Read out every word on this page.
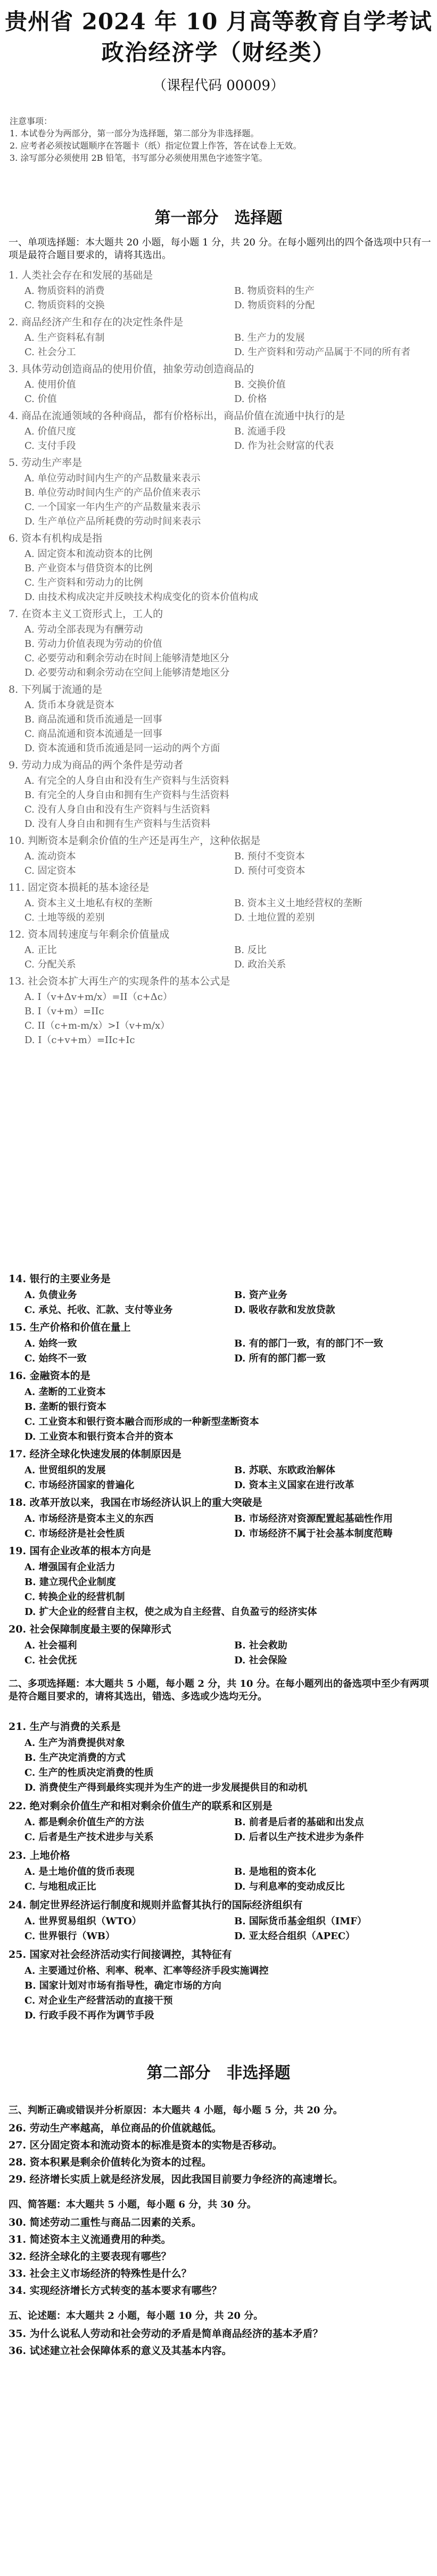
贵州省 2024 年 10 月高等教育自学考试
政治经济学（财经类）
（课程代码 00009）
注意事项：
1. 本试卷分为两部分，第一部分为选择题，第二部分为非选择题。
2. 应考者必须按试题顺序在答题卡（纸）指定位置上作答，答在试卷上无效。
3. 涂写部分必须使用 2B 铅笔，书写部分必须使用黑色字迹签字笔。
第一部分　选择题
一、单项选择题：本大题共 20 小题，每小题 1 分，共 20 分。在每小题列出的四个备选项中只有一项是最符合题目要求的，请将其选出。
1. 人类社会存在和发展的基础是
A. 物质资料的消费	B. 物质资料的生产
C. 物质资料的交换	D. 物质资料的分配
2. 商品经济产生和存在的决定性条件是
A. 生产资料私有制	B. 生产力的发展
C. 社会分工	D. 生产资料和劳动产品属于不同的所有者
3. 具体劳动创造商品的使用价值，抽象劳动创造商品的
A. 使用价值	B. 交换价值
C. 价值	D. 价格
4. 商品在流通领域的各种商品，都有价格标出，商品价值在流通中执行的是
A. 价值尺度	B. 流通手段
C. 支付手段	D. 作为社会财富的代表
5. 劳动生产率是
A. 单位劳动时间内生产的产品数量来表示
B. 单位劳动时间内生产的产品价值来表示
C. 一个国家一年内生产的产品数量来表示
D. 生产单位产品所耗费的劳动时间来表示
6. 资本有机构成是指
A. 固定资本和流动资本的比例
B. 产业资本与借贷资本的比例
C. 生产资料和劳动力的比例
D. 由技术构成决定并反映技术构成变化的资本价值构成
7. 在资本主义工资形式上，工人的
A. 劳动全部表现为有酬劳动
B. 劳动力价值表现为劳动的价值
C. 必要劳动和剩余劳动在时间上能够清楚地区分
D. 必要劳动和剩余劳动在空间上能够清楚地区分
8. 下列属于流通的是
A. 货币本身就是资本
B. 商品流通和货币流通是一回事
C. 商品流通和资本流通是一回事
D. 资本流通和货币流通是同一运动的两个方面
9. 劳动力成为商品的两个条件是劳动者
A. 有完全的人身自由和没有生产资料与生活资料
B. 有完全的人身自由和拥有生产资料与生活资料
C. 没有人身自由和没有生产资料与生活资料
D. 没有人身自由和拥有生产资料与生活资料
10. 判断资本是剩余价值的生产还是再生产，这种依据是
A. 流动资本	B. 预付不变资本
C. 固定资本	D. 预付可变资本
11. 固定资本损耗的基本途径是
A. 资本主义土地私有权的垄断	B. 资本主义土地经营权的垄断
C. 土地等级的差别	D. 土地位置的差别
12. 资本周转速度与年剩余价值量成
A. 正比	B. 反比
C. 分配关系	D. 政治关系
13. 社会资本扩大再生产的实现条件的基本公式是
A. I（v+Δv+m/x）=II（c+Δc）
B. I（v+m）=IIc
C. II（c+m-m/x）>I（v+m/x）
D. I（c+v+m）=IIc+Ic
14. 银行的主要业务是
A. 负债业务	B. 资产业务
C. 承兑、托收、汇款、支付等业务	D. 吸收存款和发放贷款
15. 生产价格和价值在量上
A. 始终一致	B. 有的部门一致，有的部门不一致
C. 始终不一致	D. 所有的部门都一致
16. 金融资本的是
A. 垄断的工业资本
B. 垄断的银行资本
C. 工业资本和银行资本融合而形成的一种新型垄断资本
D. 工业资本和银行资本合并的资本
17. 经济全球化快速发展的体制原因是
A. 世贸组织的发展	B. 苏联、东欧政治解体
C. 市场经济国家的普遍化	D. 资本主义国家在进行改革
18. 改革开放以来，我国在市场经济认识上的重大突破是
A. 市场经济是资本主义的东西	B. 市场经济对资源配置起基础性作用
C. 市场经济是社会性质	D. 市场经济不属于社会基本制度范畴
19. 国有企业改革的根本方向是
A. 增强国有企业活力
B. 建立现代企业制度
C. 转换企业的经营机制
D. 扩大企业的经营自主权，使之成为自主经营、自负盈亏的经济实体
20. 社会保障制度最主要的保障形式
A. 社会福利	B. 社会救助
C. 社会优抚	D. 社会保险
二、多项选择题：本大题共 5 小题，每小题 2 分，共 10 分。在每小题列出的备选项中至少有两项是符合题目要求的，请将其选出，错选、多选或少选均无分。
21. 生产与消费的关系是
A. 生产为消费提供对象
B. 生产决定消费的方式
C. 生产的性质决定消费的性质
D. 消费使生产得到最终实现并为生产的进一步发展提供目的和动机
22. 绝对剩余价值生产和相对剩余价值生产的联系和区别是
A. 都是剩余价值生产的方法	B. 前者是后者的基础和出发点
C. 后者是生产技术进步与关系	D. 后者以生产技术进步为条件
23. 上地价格
A. 是土地价值的货币表现	B. 是地租的资本化
C. 与地租成正比	D. 与利息率的变动成反比
24. 制定世界经济运行制度和规则并监督其执行的国际经济组织有
A. 世界贸易组织（WTO）	B. 国际货币基金组织（IMF）
C. 世界银行（WB）	D. 亚太经合组织（APEC）
25. 国家对社会经济活动实行间接调控，其特征有
A. 主要通过价格、利率、税率、汇率等经济手段实施调控
B. 国家计划对市场有指导性，确定市场的方向
C. 对企业生产经营活动的直接干预
D. 行政手段不再作为调节手段
第二部分　非选择题
三、判断正确或错误并分析原因：本大题共 4 小题，每小题 5 分，共 20 分。
26. 劳动生产率越高，单位商品的价值就越低。
27. 区分固定资本和流动资本的标准是资本的实物是否移动。
28. 资本积累是剩余价值转化为资本的过程。
29. 经济增长实质上就是经济发展，因此我国目前要力争经济的高速增长。
四、简答题：本大题共 5 小题，每小题 6 分，共 30 分。
30. 简述劳动二重性与商品二因素的关系。
31. 简述资本主义流通费用的种类。
32. 经济全球化的主要表现有哪些？
33. 社会主义市场经济的特殊性是什么？
34. 实现经济增长方式转变的基本要求有哪些？
五、论述题：本大题共 2 小题，每小题 10 分，共 20 分。
35. 为什么说私人劳动和社会劳动的矛盾是简单商品经济的基本矛盾？
36. 试述建立社会保障体系的意义及其基本内容。
